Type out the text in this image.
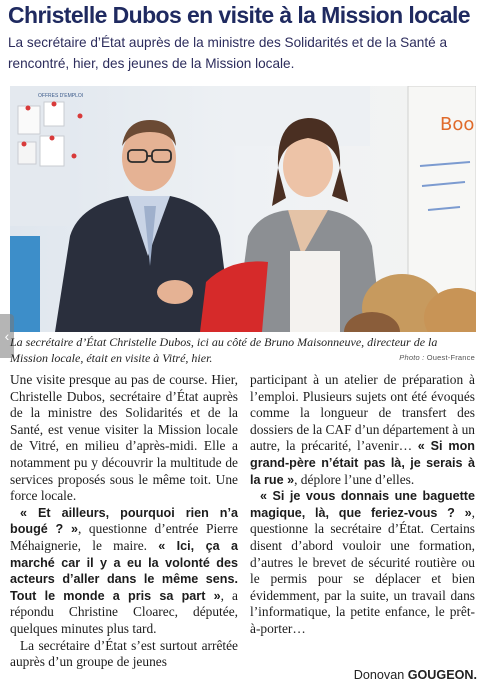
Christelle Dubos en visite à la Mission locale
La secrétaire d’État auprès de la ministre des Solidarités et de la Santé a rencontré, hier, des jeunes de la Mission locale.
OFFRES D'EMPLOI
Boo
‹ La secrétaire d’État Christelle Dubos, ici au côté de Bruno Maisonneuve, directeur de la Mission locale, était en visite à Vitré, hier.	Photo : Ouest-France

Une visite presque au pas de course. Hier, Christelle Dubos, secrétaire d’État auprès de la ministre des Solidarités et de la Santé, est venue visiter la Mission locale de Vitré, en milieu d’après-midi. Elle a notamment pu y découvrir la multitude de services proposés sous le même toit. Une force locale.

« Et ailleurs, pourquoi rien n’a bougé ? », questionne d’entrée Pierre Méhaignerie, le maire. « Ici, ça a marché car il y a eu la volonté des acteurs d’aller dans le même sens. Tout le monde a pris sa part », a répondu Christine Cloarec, députée, quelques minutes plus tard.

La secrétaire d’État s’est surtout arrêtée auprès d’un groupe de jeunes

participant à un atelier de préparation à l’emploi. Plusieurs sujets ont été évoqués comme la longueur de transfert des dossiers de la CAF d’un département à un autre, la précarité, l’avenir… « Si mon grand-père n’était pas là, je serais à la rue », déplore l’une d’elles.

« Si je vous donnais une baguette magique, là, que feriez-vous ? », questionne la secrétaire d’État. Certains disent d’abord vouloir une formation, d’autres le brevet de sécurité routière ou le permis pour se déplacer et bien évidemment, par la suite, un travail dans l’informatique, la petite enfance, le prêt-à-porter…

Donovan GOUGEON.
